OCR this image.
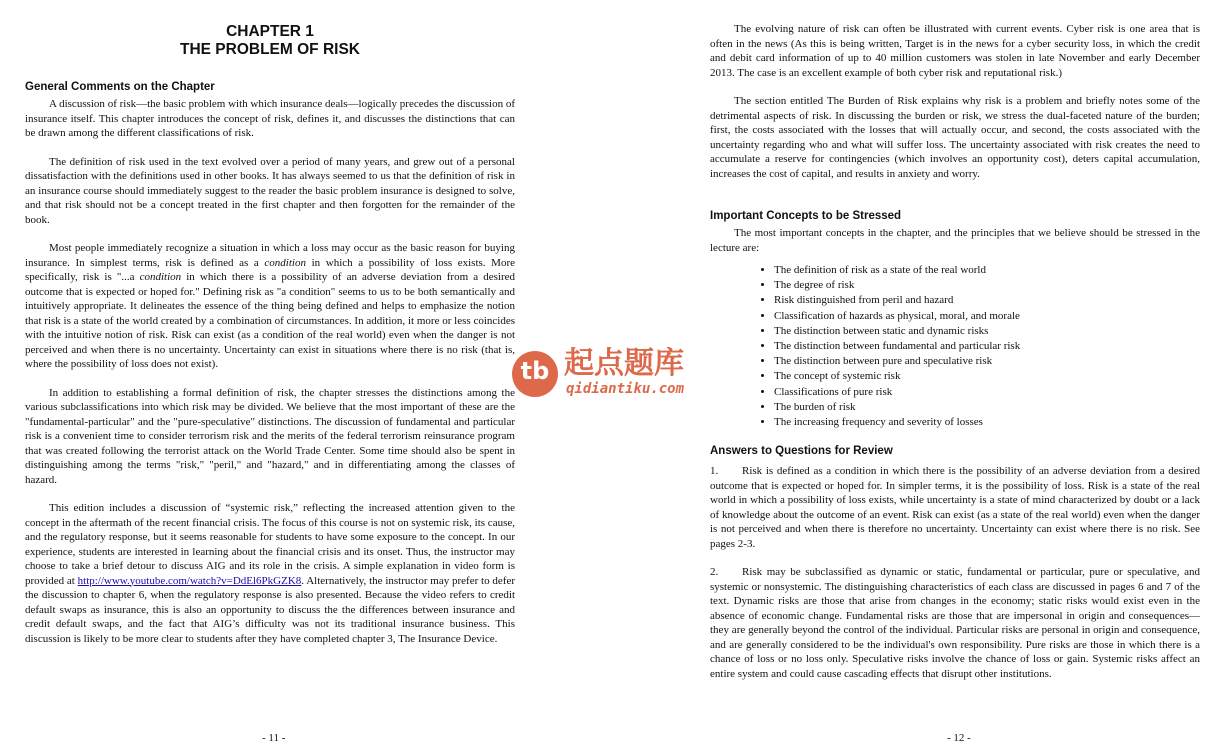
CHAPTER 1
THE PROBLEM OF RISK
General Comments on the Chapter

A discussion of risk—the basic problem with which insurance deals—logically precedes the discussion of insurance itself. This chapter introduces the concept of risk, defines it, and discusses the distinctions that can be drawn among the different classifications of risk.

The definition of risk used in the text evolved over a period of many years, and grew out of a personal dissatisfaction with the definitions used in other books. It has always seemed to us that the definition of risk in an insurance course should immediately suggest to the reader the basic problem insurance is designed to solve, and that risk should not be a concept treated in the first chapter and then forgotten for the remainder of the book.

Most people immediately recognize a situation in which a loss may occur as the basic reason for buying insurance. In simplest terms, risk is defined as a condition in which a possibility of loss exists. More specifically, risk is "...a condition in which there is a possibility of an adverse deviation from a desired outcome that is expected or hoped for." Defining risk as "a condition" seems to us to be both semantically and intuitively appropriate. It delineates the essence of the thing being defined and helps to emphasize the notion that risk is a state of the world created by a combination of circumstances. In addition, it more or less coincides with the intuitive notion of risk. Risk can exist (as a condition of the real world) even when the danger is not perceived and when there is no uncertainty. Uncertainty can exist in situations where there is no risk (that is, where the possibility of loss does not exist).

In addition to establishing a formal definition of risk, the chapter stresses the distinctions among the various subclassifications into which risk may be divided. We believe that the most important of these are the "fundamental-particular" and the "pure-speculative" distinctions. The discussion of fundamental and particular risk is a convenient time to consider terrorism risk and the merits of the federal terrorism reinsurance program that was created following the terrorist attack on the World Trade Center. Some time should also be spent in distinguishing among the terms "risk," "peril," and "hazard," and in differentiating among the classes of hazard.

This edition includes a discussion of “systemic risk,” reflecting the increased attention given to the concept in the aftermath of the recent financial crisis. The focus of this course is not on systemic risk, its cause, and the regulatory response, but it seems reasonable for students to have some exposure to the concept. In our experience, students are interested in learning about the financial crisis and its onset. Thus, the instructor may choose to take a brief detour to discuss AIG and its role in the crisis. A simple explanation in video form is provided at http://www.youtube.com/watch?v=DdEl6PkGZK8. Alternatively, the instructor may prefer to defer the discussion to chapter 6, when the regulatory response is also presented. Because the video refers to credit default swaps as insurance, this is also an opportunity to discuss the the differences between insurance and credit default swaps, and the fact that AIG’s difficulty was not its traditional insurance business. This discussion is likely to be more clear to students after they have completed chapter 3, The Insurance Device.

- 11 -

The evolving nature of risk can often be illustrated with current events. Cyber risk is one area that is often in the news (As this is being written, Target is in the news for a cyber security loss, in which the credit and debit card information of up to 40 million customers was stolen in late November and early December 2013. The case is an excellent example of both cyber risk and reputational risk.)

The section entitled The Burden of Risk explains why risk is a problem and briefly notes some of the detrimental aspects of risk. In discussing the burden or risk, we stress the dual-faceted nature of the burden; first, the costs associated with the losses that will actually occur, and second, the costs associated with the uncertainty regarding who and what will suffer loss. The uncertainty associated with risk creates the need to accumulate a reserve for contingencies (which involves an opportunity cost), deters capital accumulation, increases the cost of capital, and results in anxiety and worry.

Important Concepts to be Stressed

The most important concepts in the chapter, and the principles that we believe should be stressed in the lecture are:

• The definition of risk as a state of the real world
• The degree of risk
• Risk distinguished from peril and hazard
• Classification of hazards as physical, moral, and morale
• The distinction between static and dynamic risks
• The distinction between fundamental and particular risk
• The distinction between pure and speculative risk
• The concept of systemic risk
• Classifications of pure risk
• The burden of risk
• The increasing frequency and severity of losses
Answers to Questions for Review

1. Risk is defined as a condition in which there is the possibility of an adverse deviation from a desired outcome that is expected or hoped for. In simpler terms, it is the possibility of loss. Risk is a state of the real world in which a possibility of loss exists, while uncertainty is a state of mind characterized by doubt or a lack of knowledge about the outcome of an event. Risk can exist (as a state of the real world) even when the danger is not perceived and when there is therefore no uncertainty. Uncertainty can exist where there is no risk. See pages 2-3.

2. Risk may be subclassified as dynamic or static, fundamental or particular, pure or speculative, and systemic or nonsystemic. The distinguishing characteristics of each class are discussed in pages 6 and 7 of the text. Dynamic risks are those that arise from changes in the economy; static risks would exist even in the absence of economic change. Fundamental risks are those that are impersonal in origin and consequences—they are generally beyond the control of the individual. Particular risks are personal in origin and consequence, and are generally considered to be the individual's own responsibility. Pure risks are those in which there is a chance of loss or no loss only. Speculative risks involve the chance of loss or gain. Systemic risks affect an entire system and could cause cascading effects that disrupt other institutions.

- 12 -
tb 起点题库
qidiantiku.com
